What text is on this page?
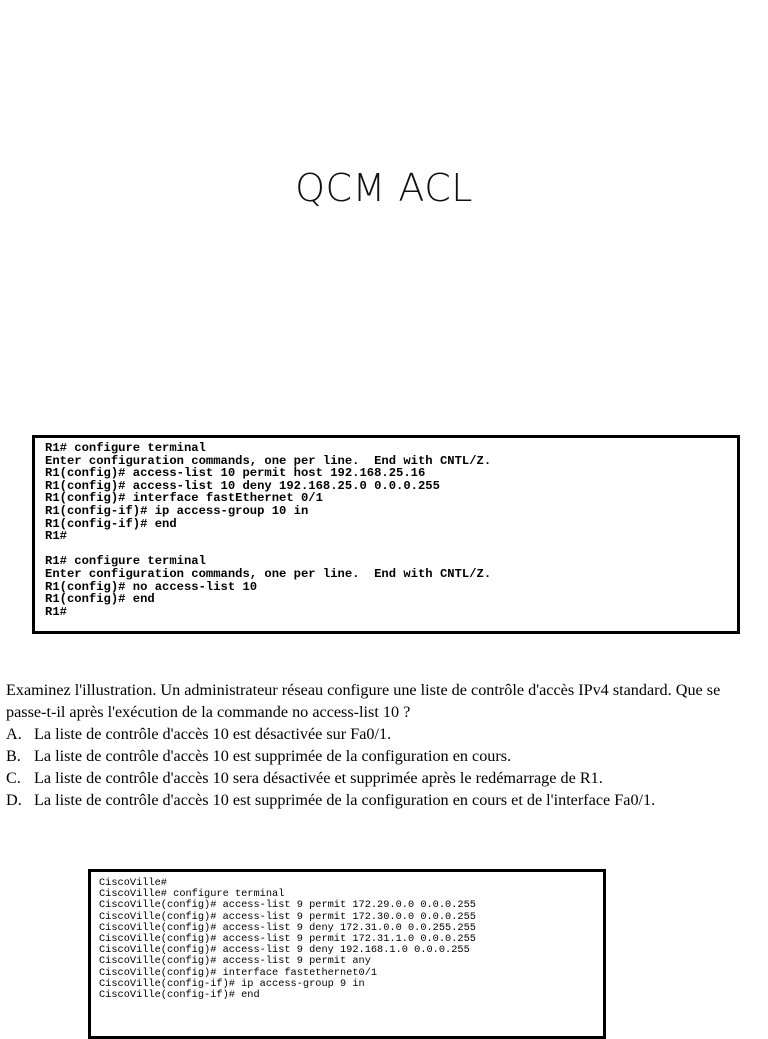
QCM ACL
R1# configure terminal
Enter configuration commands, one per line.  End with CNTL/Z.
R1(config)# access-list 10 permit host 192.168.25.16
R1(config)# access-list 10 deny 192.168.25.0 0.0.0.255
R1(config)# interface fastEthernet 0/1
R1(config-if)# ip access-group 10 in
R1(config-if)# end
R1#

R1# configure terminal
Enter configuration commands, one per line.  End with CNTL/Z.
R1(config)# no access-list 10
R1(config)# end
R1#
Examinez l'illustration. Un administrateur réseau configure une liste de contrôle d'accès IPv4 standard. Que se passe-t-il après l'exécution de la commande no access-list 10 ?
A. La liste de contrôle d'accès 10 est désactivée sur Fa0/1.
B. La liste de contrôle d'accès 10 est supprimée de la configuration en cours.
C. La liste de contrôle d'accès 10 sera désactivée et supprimée après le redémarrage de R1.
D. La liste de contrôle d'accès 10 est supprimée de la configuration en cours et de l'interface Fa0/1.
CiscoVille#
CiscoVille# configure terminal
CiscoVille(config)# access-list 9 permit 172.29.0.0 0.0.0.255
CiscoVille(config)# access-list 9 permit 172.30.0.0 0.0.0.255
CiscoVille(config)# access-list 9 deny 172.31.0.0 0.0.255.255
CiscoVille(config)# access-list 9 permit 172.31.1.0 0.0.0.255
CiscoVille(config)# access-list 9 deny 192.168.1.0 0.0.0.255
CiscoVille(config)# access-list 9 permit any
CiscoVille(config)# interface fastethernet0/1
CiscoVille(config-if)# ip access-group 9 in
CiscoVille(config-if)# end
